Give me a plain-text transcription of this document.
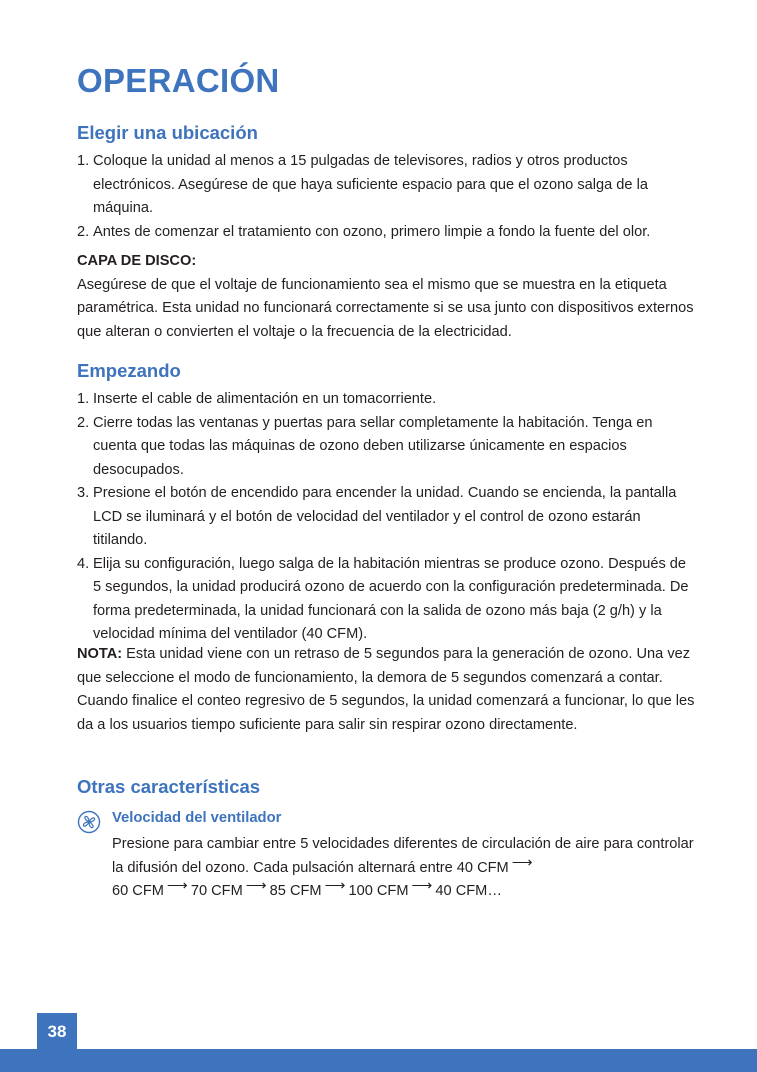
OPERACIÓN
Elegir una ubicación
1. Coloque la unidad al menos a 15 pulgadas de televisores, radios y otros productos electrónicos. Asegúrese de que haya suficiente espacio para que el ozono salga de la máquina.
2. Antes de comenzar el tratamiento con ozono, primero limpie a fondo la fuente del olor.

CAPA DE DISCO:

Asegúrese de que el voltaje de funcionamiento sea el mismo que se muestra en la etiqueta paramétrica. Esta unidad no funcionará correctamente si se usa junto con dispositivos externos que alteran o convierten el voltaje o la frecuencia de la electricidad.

Empezando
1. Inserte el cable de alimentación en un tomacorriente.
2. Cierre todas las ventanas y puertas para sellar completamente la habitación. Tenga en cuenta que todas las máquinas de ozono deben utilizarse únicamente en espacios desocupados.
3. Presione el botón de encendido para encender la unidad. Cuando se encienda, la pantalla LCD se iluminará y el botón de velocidad del ventilador y el control de ozono estarán titilando.
4. Elija su configuración, luego salga de la habitación mientras se produce ozono. Después de 5 segundos, la unidad producirá ozono de acuerdo con la configuración predeterminada. De forma predeterminada, la unidad funcionará con la salida de ozono más baja (2 g/h) y la velocidad mínima del ventilador (40 CFM).

NOTA: Esta unidad viene con un retraso de 5 segundos para la generación de ozono. Una vez que seleccione el modo de funcionamiento, la demora de 5 segundos comenzará a contar. Cuando finalice el conteo regresivo de 5 segundos, la unidad comenzará a funcionar, lo que les da a los usuarios tiempo suficiente para salir sin respirar ozono directamente.

Otras características
Velocidad del ventilador

Presione para cambiar entre 5 velocidades diferentes de circulación de aire para controlar la difusión del ozono. Cada pulsación alternará entre 40 CFM ⟶

60 CFM ⟶ 70 CFM ⟶ 85 CFM ⟶ 100 CFM ⟶ 40 CFM…

38
